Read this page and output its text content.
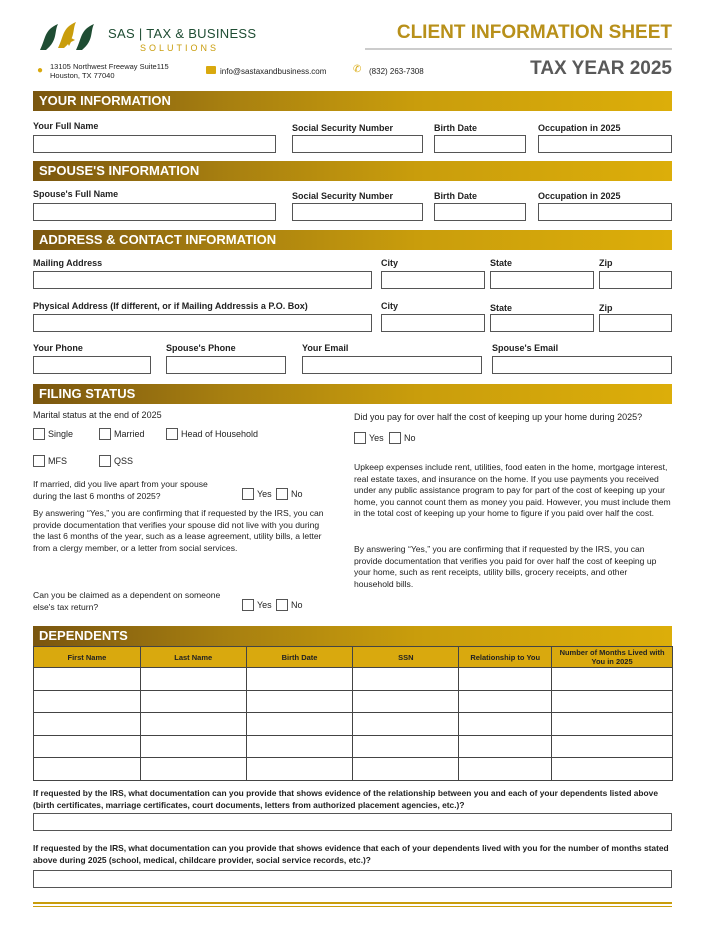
SAS | TAX & BUSINESS
SOLUTIONS
CLIENT INFORMATION SHEET
TAX YEAR 2025
● 13105 Northwest Freeway Suite115
Houston, TX 77040	info@sastaxandbusiness.com	✆ (832) 263-7308
YOUR INFORMATION
Your Full Name	Social Security Number	Birth Date	Occupation in 2025
SPOUSE'S INFORMATION
Spouse's Full Name	Social Security Number	Birth Date	Occupation in 2025
ADDRESS & CONTACT INFORMATION
Mailing Address	City	State	Zip
Physical Address (If different, or if Mailing Addressis a P.O. Box)	City	State	Zip
Your Phone	Spouse's Phone	Your Email	Spouse's Email
FILING STATUS
Marital status at the end of 2025
Single	Married	Head of Household
MFS	QSS
If married, did you live apart from your spouse during the last 6 months of 2025?	Yes No
By answering “Yes,” you are confirming that if requested by the IRS, you can provide documentation that verifies your spouse did not live with you during the last 6 months of the year, such as a lease agreement, utility bills, a letter from a clergy member, or a letter from social services.
Can you be claimed as a dependent on someone else's tax return?	Yes No
Did you pay for over half the cost of keeping up your home during 2025?
Yes No
Upkeep expenses include rent, utilities, food eaten in the home, mortgage interest, real estate taxes, and insurance on the home. If you use payments you received under any public assistance program to pay for part of the cost of keeping up your home, you cannot count them as money you paid. However, you must include them in the total cost of keeping up your home to figure if you paid over half the cost.
By answering “Yes,” you are confirming that if requested by the IRS, you can provide documentation that verifies you paid for over half the cost of keeping up your home, such as rent receipts, utility bills, grocery receipts, and other household bills.
DEPENDENTS
First Name	Last Name	Birth Date	SSN	Relationship to You	Number of Months Lived with You in 2025

If requested by the IRS, what documentation can you provide that shows evidence of the relationship between you and each of your dependents listed above (birth certificates, marriage certificates, court documents, letters from authorized placement agencies, etc.)?
If requested by the IRS, what documentation can you provide that shows evidence that each of your dependents lived with you for the number of months stated above during 2025 (school, medical, childcare provider, social service records, etc.)?
